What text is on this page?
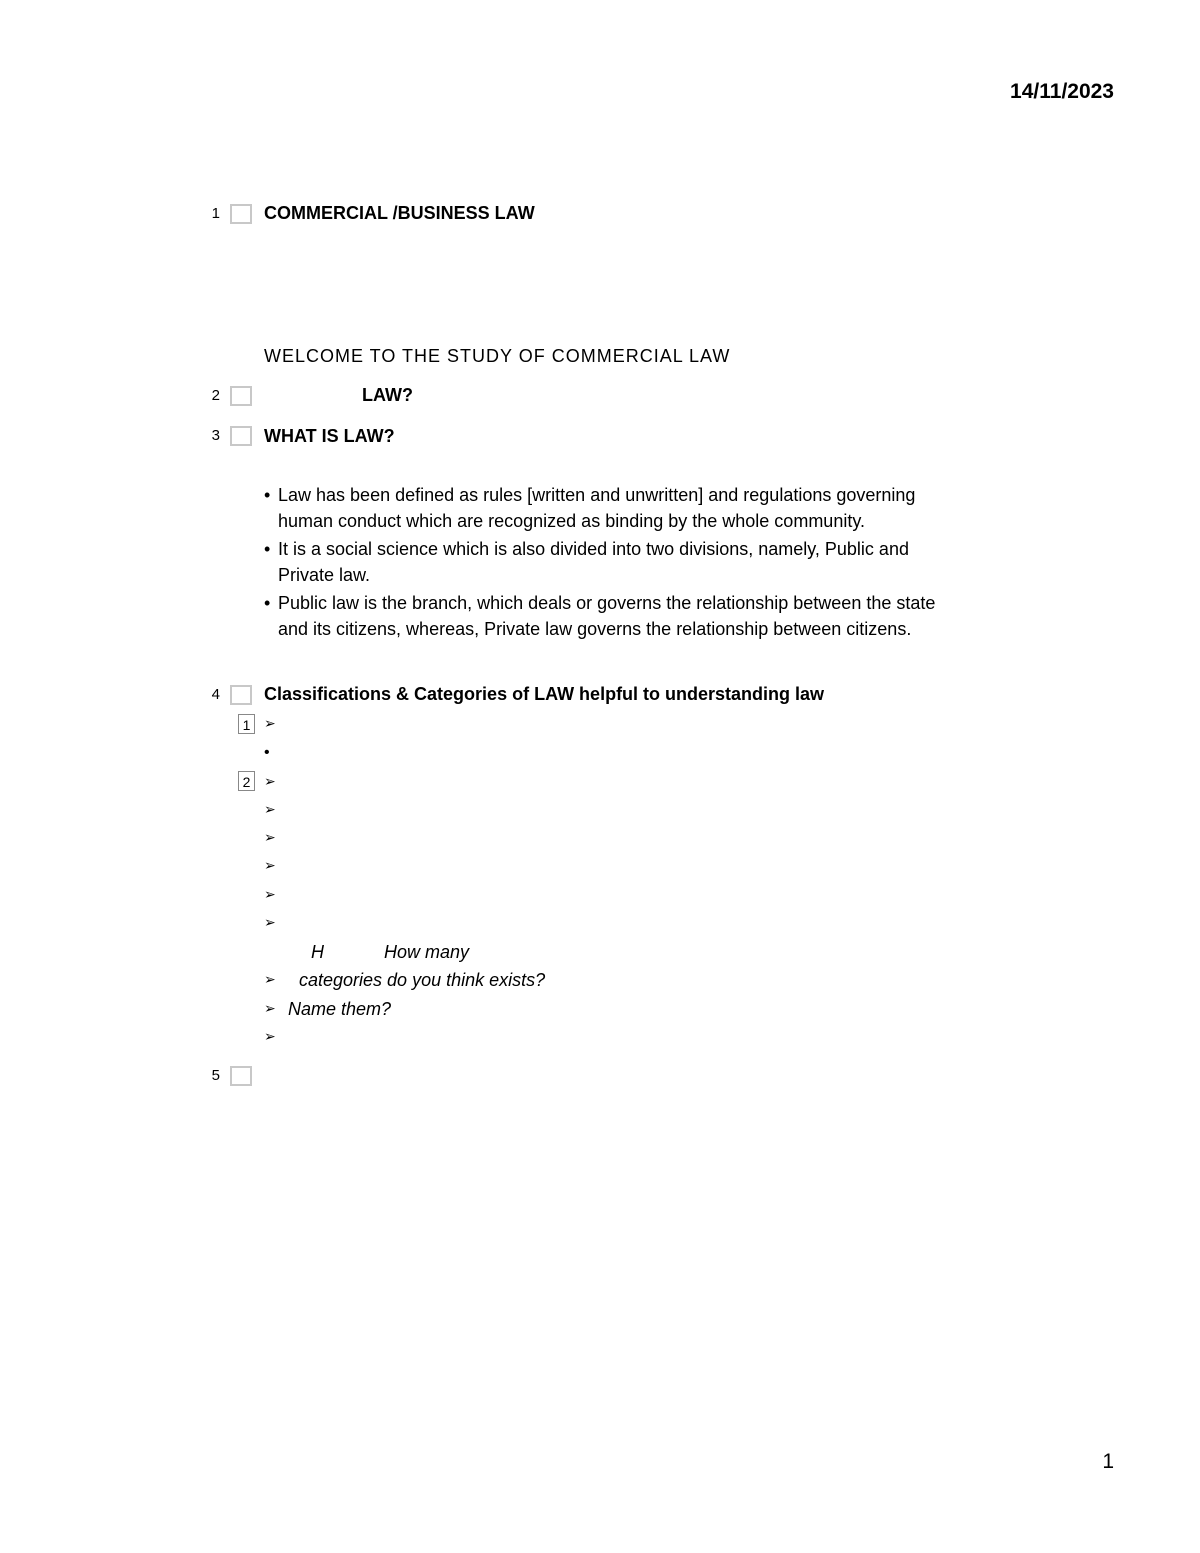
14/11/2023
1
1 COMMERCIAL /BUSINESS LAW
WELCOME TO THE STUDY OF COMMERCIAL LAW
2	LAW?
3 WHAT IS LAW?
• Law has been defined as rules [written and unwritten] and regulations governing
human conduct which are recognized as binding by the whole community.
• It is a social science which is also divided into two divisions, namely, Public and
Private law.
• Public law is the branch, which deals or governs the relationship between the state
and its citizens, whereas, Private law governs the relationship between citizens.
4 Classifications & Categories of LAW helpful to understanding law
1 ➢
•
2 ➢
➢
➢
➢
➢
➢
H	How many
➢ categories do you think exists?
➢ Name them?
➢
5
